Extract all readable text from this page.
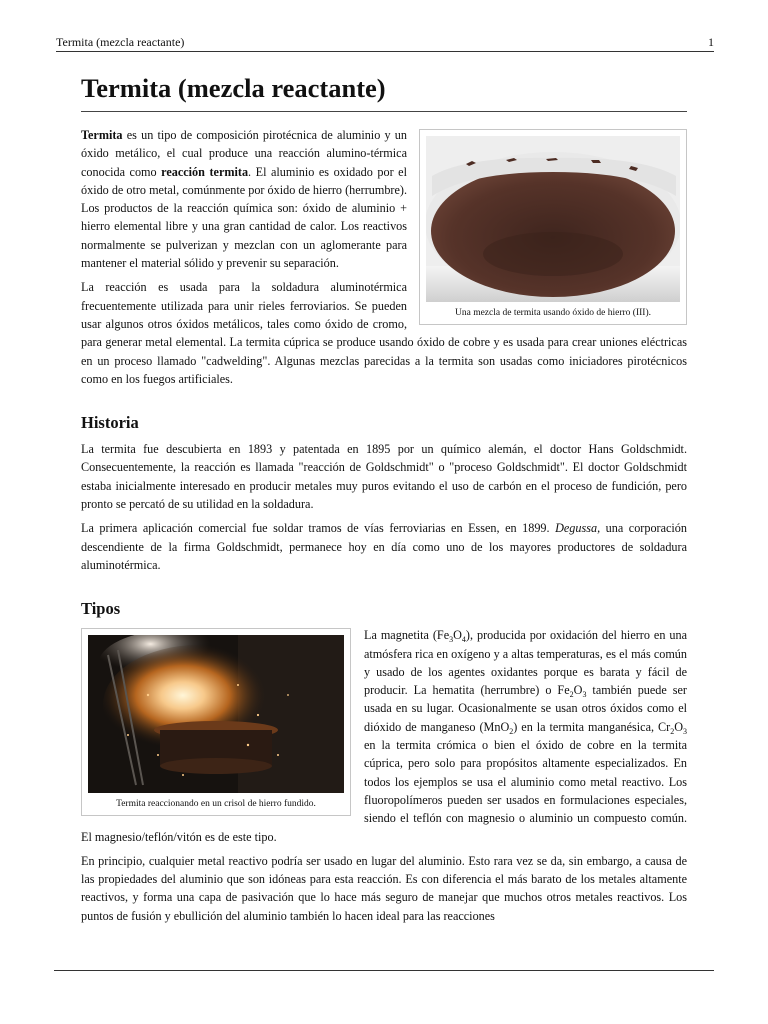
Termita (mezcla reactante)	1
Termita (mezcla reactante)
Una mezcla de termita usando óxido de hierro (III).

Termita es un tipo de composición pirotécnica de aluminio y un óxido metálico, el cual produce una reacción alumino-térmica conocida como reacción termita. El aluminio es oxidado por el óxido de otro metal, comúnmente por óxido de hierro (herrumbre). Los productos de la reacción química son: óxido de aluminio + hierro elemental libre y una gran cantidad de calor. Los reactivos normalmente se pulverizan y mezclan con un aglomerante para mantener el material sólido y prevenir su separación.

La reacción es usada para la soldadura aluminotérmica frecuentemente utilizada para unir rieles ferroviarios. Se pueden usar algunos otros óxidos metálicos, tales como óxido de cromo, para generar metal elemental. La termita cúprica se produce usando óxido de cobre y es usada para crear uniones eléctricas en un proceso llamado "cadwelding". Algunas mezclas parecidas a la termita son usadas como iniciadores pirotécnicos como en los fuegos artificiales.

Historia

La termita fue descubierta en 1893 y patentada en 1895 por un químico alemán, el doctor Hans Goldschmidt. Consecuentemente, la reacción es llamada "reacción de Goldschmidt" o "proceso Goldschmidt". El doctor Goldschmidt estaba inicialmente interesado en producir metales muy puros evitando el uso de carbón en el proceso de fundición, pero pronto se percató de su utilidad en la soldadura.

La primera aplicación comercial fue soldar tramos de vías ferroviarias en Essen, en 1899. Degussa, una corporación descendiente de la firma Goldschmidt, permanece hoy en día como uno de los mayores productores de soldadura aluminotérmica.

Tipos
Termita reaccionando en un crisol de hierro fundido.

La magnetita $(Fe_3O_4)$, producida por oxidación del hierro en una atmósfera rica en oxígeno y a altas temperaturas, es el más común y usado de los agentes oxidantes porque es barata y fácil de producir. La hematita (herrumbre) o $Fe_2O_3$ también puede ser usada en su lugar. Ocasionalmente se usan otros óxidos como el dióxido de manganeso (MnO$_2$) en la termita manganésica, $Cr_2O_3$ en la termita crómica o bien el óxido de cobre en la termita cúprica, pero solo para propósitos altamente especializados. En todos los ejemplos se usa el aluminio como metal reactivo. Los fluoropolímeros pueden ser usados en formulaciones especiales, siendo el teflón con magnesio o aluminio un compuesto común. El magnesio/teflón/vitón es de este tipo.

En principio, cualquier metal reactivo podría ser usado en lugar del aluminio. Esto rara vez se da, sin embargo, a causa de las propiedades del aluminio que son idóneas para esta reacción. Es con diferencia el más barato de los metales altamente reactivos, y forma una capa de pasivación que lo hace más seguro de manejar que muchos otros metales reactivos. Los puntos de fusión y ebullición del aluminio también lo hacen ideal para las reacciones
